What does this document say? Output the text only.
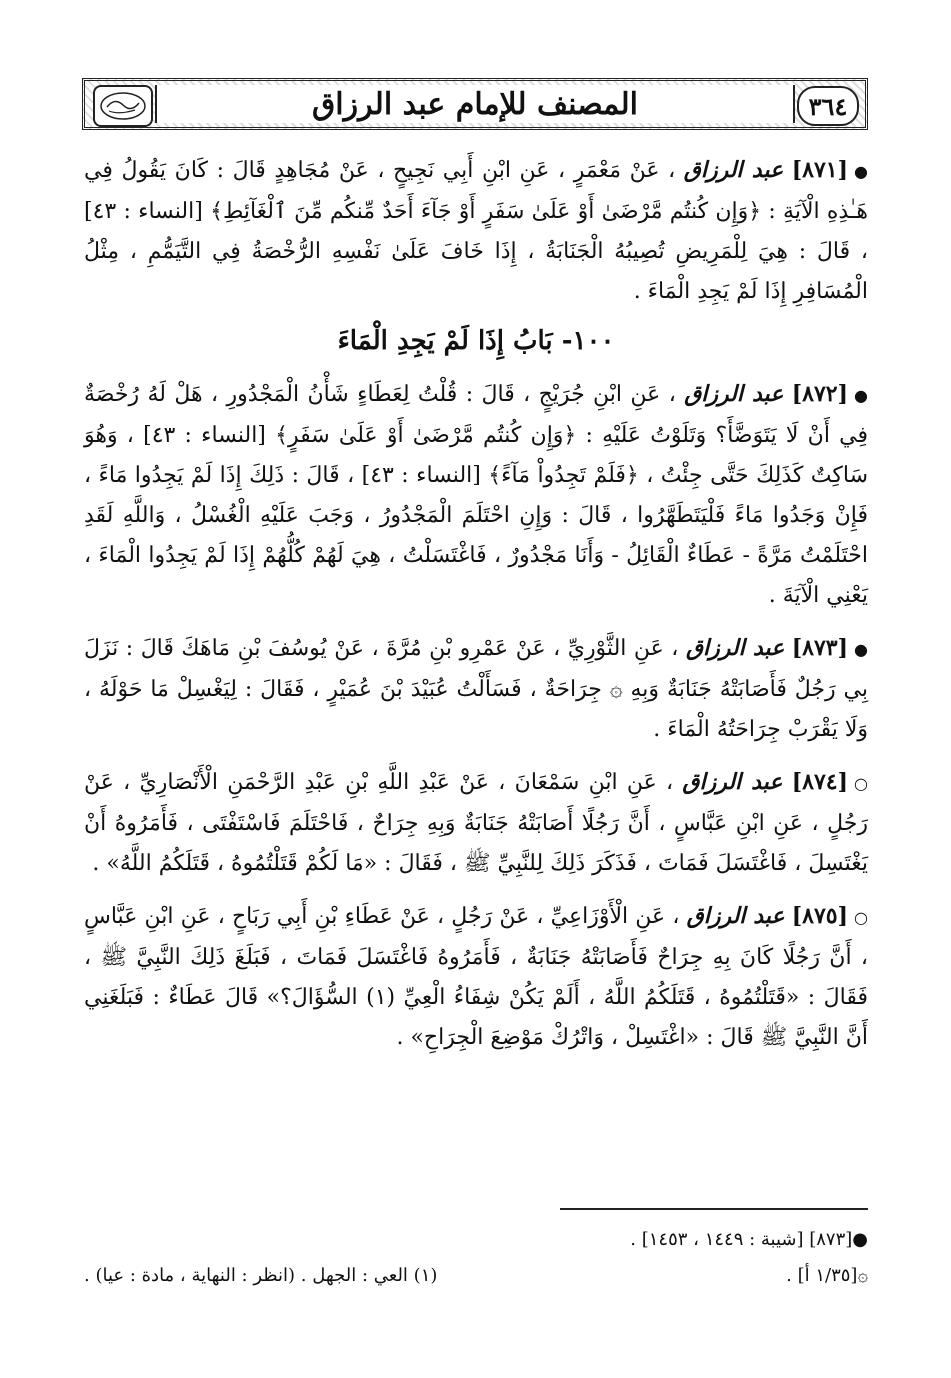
المصنف للإمام عبد الرزاق	٣٦٤

●[٨٧١] عبد الرزاق ، عَنْ مَعْمَرٍ ، عَنِ ابْنِ أَبِي نَجِيحٍ ، عَنْ مُجَاهِدٍ قَالَ : كَانَ يَقُولُ فِي هَـٰذِهِ الْآيَةِ : ﴿وَإِن كُنتُم مَّرْضَىٰ أَوْ عَلَىٰ سَفَرٍ أَوْ جَآءَ أَحَدٌ مِّنكُم مِّنَ ٱلْغَآئِطِ﴾ [النساء : ٤٣] ، قَالَ : هِيَ لِلْمَرِيضِ تُصِيبُهُ الْجَنَابَةُ ، إِذَا خَافَ عَلَىٰ نَفْسِهِ الرُّخْصَةُ فِي التَّيَمُّمِ ، مِثْلُ الْمُسَافِرِ إِذَا لَمْ يَجِدِ الْمَاءَ .

١٠٠- بَابُ إِذَا لَمْ يَجِدِ الْمَاءَ

●[٨٧٢] عبد الرزاق ، عَنِ ابْنِ جُرَيْجٍ ، قَالَ : قُلْتُ لِعَطَاءٍ شَأْنُ الْمَجْدُورِ ، هَلْ لَهُ رُخْصَةٌ فِي أَنْ لَا يَتَوَضَّأَ؟ وَتَلَوْتُ عَلَيْهِ : ﴿وَإِن كُنتُم مَّرْضَىٰ أَوْ عَلَىٰ سَفَرٍ﴾ [النساء : ٤٣] ، وَهُوَ سَاكِتٌ كَذَلِكَ حَتَّى جِئْتُ ، ﴿فَلَمْ تَجِدُواْ مَآءً﴾ [النساء : ٤٣] ، قَالَ : ذَلِكَ إِذَا لَمْ يَجِدُوا مَاءً ، فَإِنْ وَجَدُوا مَاءً فَلْيَتَطَهَّرُوا ، قَالَ : وَإِنِ احْتَلَمَ الْمَجْدُورُ ، وَجَبَ عَلَيْهِ الْغُسْلُ ، وَاللَّهِ لَقَدِ احْتَلَمْتُ مَرَّةً - عَطَاءٌ الْقَائِلُ - وَأَنَا مَجْدُورٌ ، فَاغْتَسَلْتُ ، هِيَ لَهُمْ كُلُّهُمْ إِذَا لَمْ يَجِدُوا الْمَاءَ ، يَعْنِي الْآيَةَ .

●[٨٧٣] عبد الرزاق ، عَنِ الثَّوْرِيِّ ، عَنْ عَمْرِو بْنِ مُرَّةَ ، عَنْ يُوسُفَ بْنِ مَاهَكَ قَالَ : نَزَلَ بِي رَجُلٌ فَأَصَابَتْهُ جَنَابَةٌ وَبِهِ ۞ جِرَاحَةٌ ، فَسَأَلْتُ عُبَيْدَ بْنَ عُمَيْرٍ ، فَقَالَ : لِيَغْسِلْ مَا حَوْلَهُ ، وَلَا يَقْرَبْ جِرَاحَتُهُ الْمَاءَ .

○[٨٧٤] عبد الرزاق ، عَنِ ابْنِ سَمْعَانَ ، عَنْ عَبْدِ اللَّهِ بْنِ عَبْدِ الرَّحْمَنِ الْأَنْصَارِيِّ ، عَنْ رَجُلٍ ، عَنِ ابْنِ عَبَّاسٍ ، أَنَّ رَجُلًا أَصَابَتْهُ جَنَابَةٌ وَبِهِ جِرَاحٌ ، فَاحْتَلَمَ فَاسْتَفْتَى ، فَأَمَرُوهُ أَنْ يَغْتَسِلَ ، فَاغْتَسَلَ فَمَاتَ ، فَذَكَرَ ذَلِكَ لِلنَّبِيِّ ﷺ ، فَقَالَ : «مَا لَكُمْ قَتَلْتُمُوهُ ، قَتَلَكُمُ اللَّهُ» .

○[٨٧٥] عبد الرزاق ، عَنِ الْأَوْزَاعِيِّ ، عَنْ رَجُلٍ ، عَنْ عَطَاءِ بْنِ أَبِي رَبَاحٍ ، عَنِ ابْنِ عَبَّاسٍ ، أَنَّ رَجُلًا كَانَ بِهِ جِرَاحٌ فَأَصَابَتْهُ جَنَابَةٌ ، فَأَمَرُوهُ فَاغْتَسَلَ فَمَاتَ ، فَبَلَغَ ذَلِكَ النَّبِيَّ ﷺ ، فَقَالَ : «قَتَلْتُمُوهُ ، قَتَلَكُمُ اللَّهُ ، أَلَمْ يَكُنْ شِفَاءُ الْعِيِّ (١) السُّؤَالَ؟» قَالَ عَطَاءٌ : فَبَلَغَنِي أَنَّ النَّبِيَّ ﷺ قَالَ : «اغْتَسِلْ ، وَاتْرُكْ مَوْضِعَ الْجِرَاحِ» .

●[٨٧٣] [شيبة : ١٤٤٩ ، ١٤٥٣] .
۞[١/٣٥ أ] .
(١) العي : الجهل . (انظر : النهاية ، مادة : عيا) .
